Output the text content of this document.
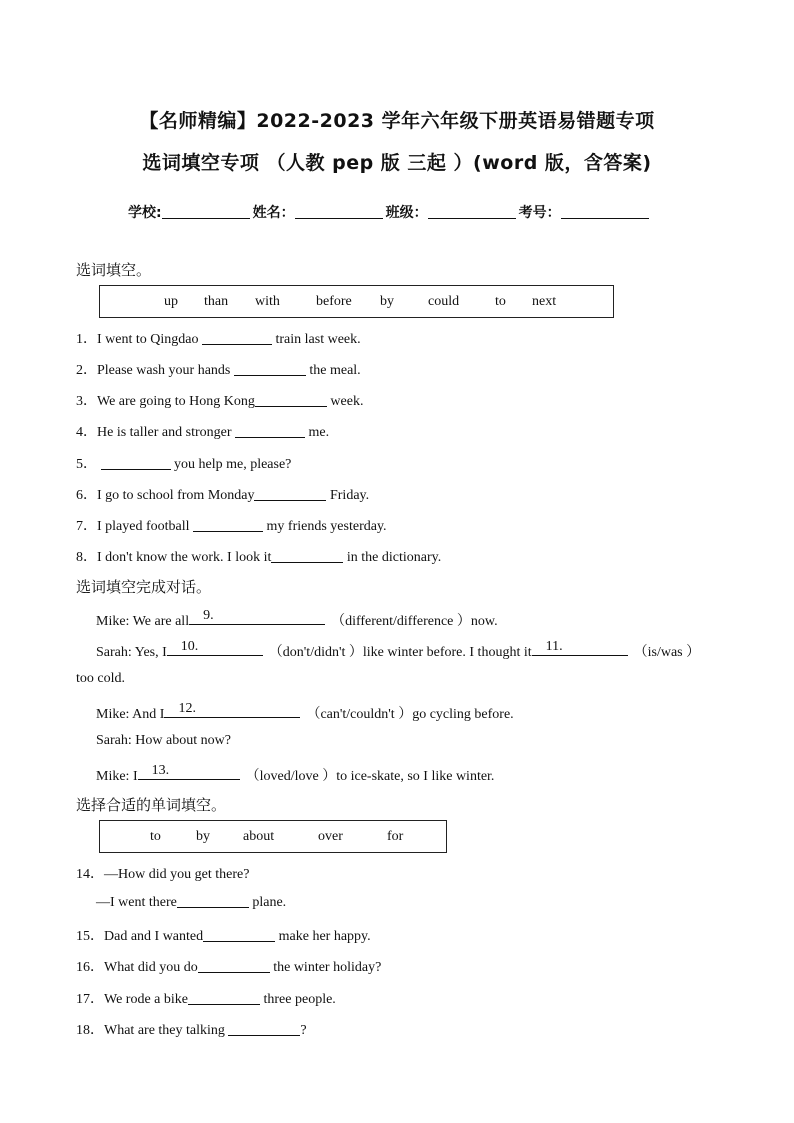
【名师精编】2022-2023 学年六年级下册英语易错题专项
选词填空专项 （人教 pep 版 三起 ）(word 版，含答案)
学校:	姓名：	班级：	考号：
选词填空。
up than with	before by could	to next
1．I went to Qingdao	train last week.
2．Please wash your hands	the meal.
3．We are going to Hong Kong	week.
4．He is taller and stronger	me.
5．	you help me, please?
6．I go to school from Monday	Friday.
7．I played football	my friends yesterday.
8．I don't know the work. I look it	in the dictionary.
选词填空完成对话。
Mike: We are all 9.	（different/difference ）now.
Sarah: Yes, I 10.	（don't/didn't ）like winter before. I thought it 11.	（is/was ）
too cold.
Mike: And I 12.	（can't/couldn't ）go cycling before.
Sarah: How about now?
Mike: I 13.	（loved/love ）to ice-skate, so I like winter.
选择合适的单词填空。
to	by about	over	for
14．—How did you get there?
—I went there	plane.
15．Dad and I wanted	make her happy.
16．What did you do	the winter holiday?
17．We rode a bike	three people.
18．What are they talking	?
